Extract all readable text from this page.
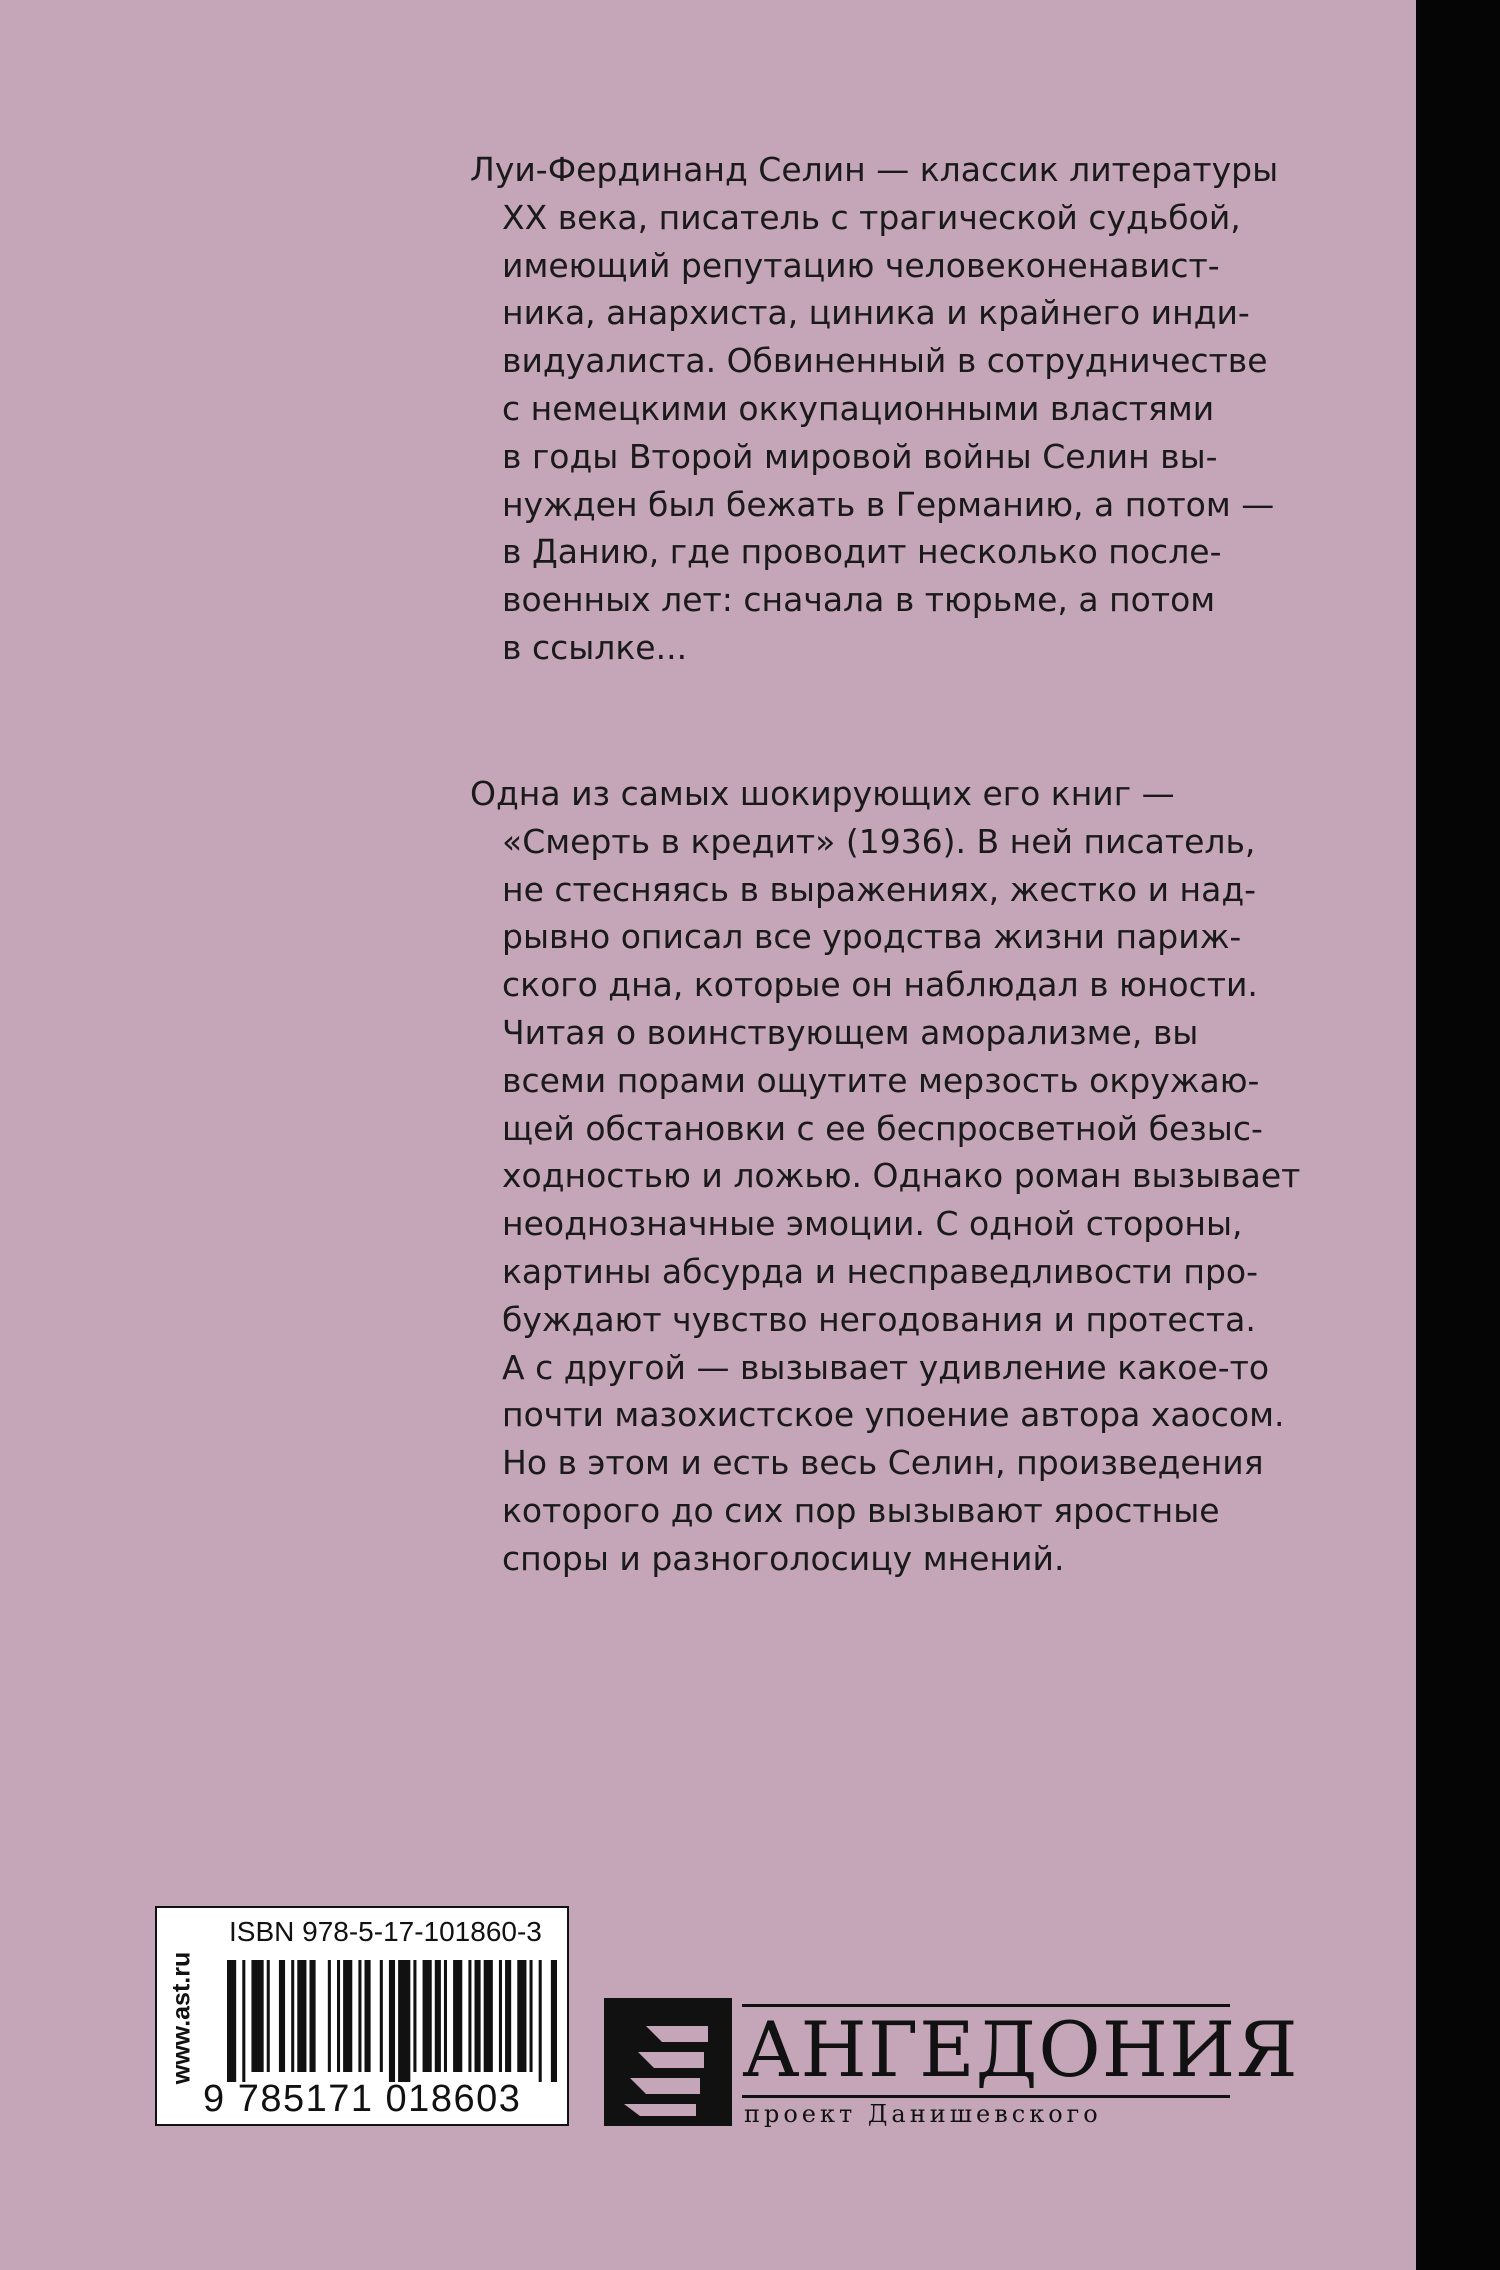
Луи-Фердинанд Селин — классик литературы
XX века, писатель с трагической судьбой,
имеющий репутацию человеконенавист-
ника, анархиста, циника и крайнего инди-
видуалиста. Обвиненный в сотрудничестве
с немецкими оккупационными властями
в годы Второй мировой войны Селин вы-
нужден был бежать в Германию, а потом —
в Данию, где проводит несколько после-
военных лет: сначала в тюрьме, а потом
в ссылке...
Одна из самых шокирующих его книг —
«Смерть в кредит» (1936). В ней писатель,
не стесняясь в выражениях, жестко и над-
рывно описал все уродства жизни париж-
ского дна, которые он наблюдал в юности.
Читая о воинствующем аморализме, вы
всеми порами ощутите мерзость окружаю-
щей обстановки с ее беспросветной безыс-
ходностью и ложью. Однако роман вызывает
неоднозначные эмоции. С одной стороны,
картины абсурда и несправедливости про-
буждают чувство негодования и протеста.
А с другой — вызывает удивление какое-то
почти мазохистское упоение автора хаосом.
Но в этом и есть весь Селин, произведения
которого до сих пор вызывают яростные
споры и разноголосицу мнений.
www.ast.ru
ISBN 978-5-17-101860-3
9 785171 018603
АНГЕДОНИЯ
проект Данишевского
